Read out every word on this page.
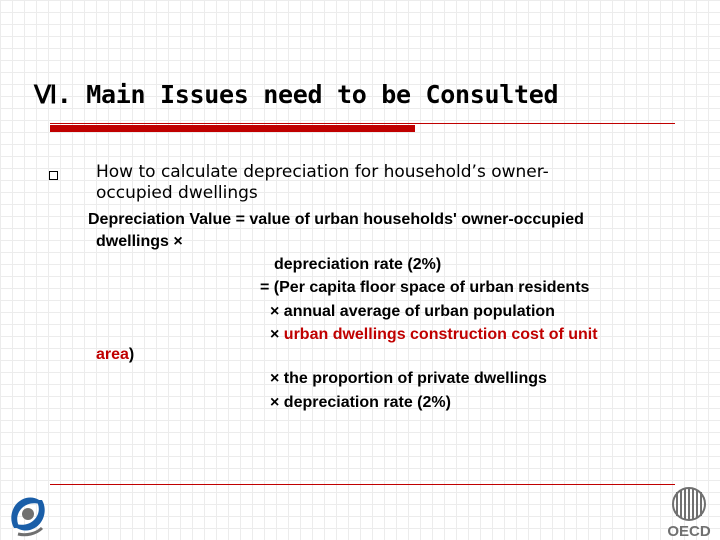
Ⅵ. Main Issues need to be Consulted
How to calculate depreciation for household’s owner-
occupied dwellings
Depreciation Value = value of urban households' owner-occupied
dwellings ×
depreciation rate (2%)
= (Per capita floor space of urban residents
× annual average of urban population
× urban dwellings construction cost of unit
area)
× the proportion of private dwellings
× depreciation rate (2%)
OECD
